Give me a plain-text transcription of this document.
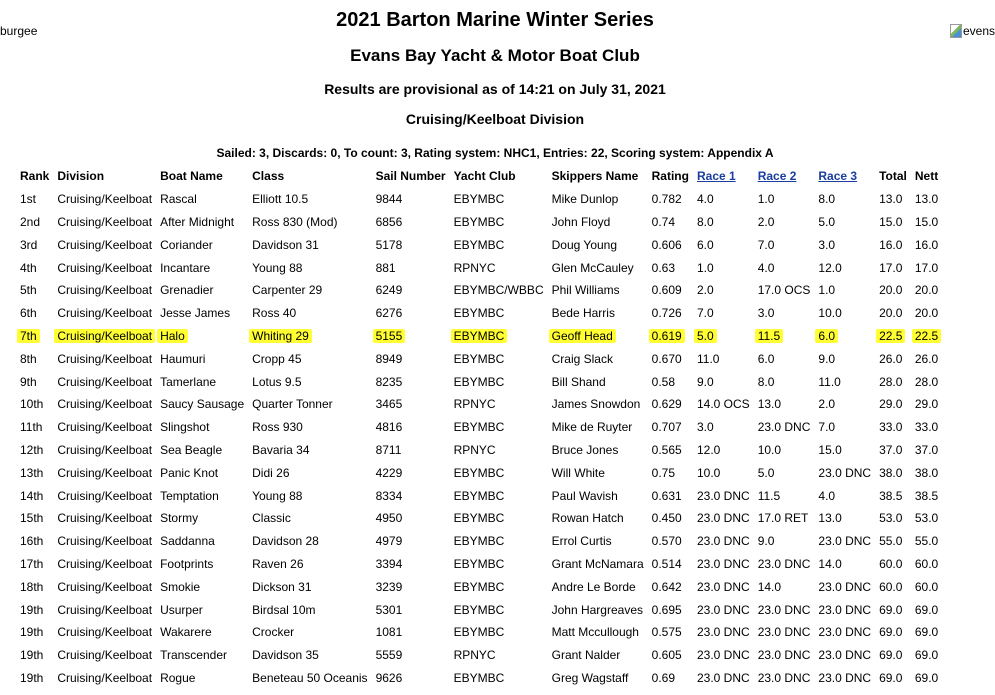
burgee	evens
2021 Barton Marine Winter Series
Evans Bay Yacht & Motor Boat Club
Results are provisional as of 14:21 on July 31, 2021
Cruising/Keelboat Division
Sailed: 3, Discards: 0, To count: 3, Rating system: NHC1, Entries: 22, Scoring system: Appendix A
Rank	Division	Boat Name	Class	Sail Number	Yacht Club	Skippers Name	Rating	Race 1	Race 2	Race 3	Total	Nett
1st	Cruising/Keelboat	Rascal	Elliott 10.5	9844	EBYMBC	Mike Dunlop	0.782	4.0	1.0	8.0	13.0	13.0
2nd	Cruising/Keelboat	After Midnight	Ross 830 (Mod)	6856	EBYMBC	John Floyd	0.74	8.0	2.0	5.0	15.0	15.0
3rd	Cruising/Keelboat	Coriander	Davidson 31	5178	EBYMBC	Doug Young	0.606	6.0	7.0	3.0	16.0	16.0
4th	Cruising/Keelboat	Incantare	Young 88	881	RPNYC	Glen McCauley	0.63	1.0	4.0	12.0	17.0	17.0
5th	Cruising/Keelboat	Grenadier	Carpenter 29	6249	EBYMBC/WBBC	Phil Williams	0.609	2.0	17.0 OCS	1.0	20.0	20.0
6th	Cruising/Keelboat	Jesse James	Ross 40	6276	EBYMBC	Bede Harris	0.726	7.0	3.0	10.0	20.0	20.0
7th	Cruising/Keelboat	Halo	Whiting 29	5155	EBYMBC	Geoff Head	0.619	5.0	11.5	6.0	22.5	22.5
8th	Cruising/Keelboat	Haumuri	Cropp 45	8949	EBYMBC	Craig Slack	0.670	11.0	6.0	9.0	26.0	26.0
9th	Cruising/Keelboat	Tamerlane	Lotus 9.5	8235	EBYMBC	Bill Shand	0.58	9.0	8.0	11.0	28.0	28.0
10th	Cruising/Keelboat	Saucy Sausage	Quarter Tonner	3465	RPNYC	James Snowdon	0.629	14.0 OCS	13.0	2.0	29.0	29.0
11th	Cruising/Keelboat	Slingshot	Ross 930	4816	EBYMBC	Mike de Ruyter	0.707	3.0	23.0 DNC	7.0	33.0	33.0
12th	Cruising/Keelboat	Sea Beagle	Bavaria 34	8711	RPNYC	Bruce Jones	0.565	12.0	10.0	15.0	37.0	37.0
13th	Cruising/Keelboat	Panic Knot	Didi 26	4229	EBYMBC	Will White	0.75	10.0	5.0	23.0 DNC	38.0	38.0
14th	Cruising/Keelboat	Temptation	Young 88	8334	EBYMBC	Paul Wavish	0.631	23.0 DNC	11.5	4.0	38.5	38.5
15th	Cruising/Keelboat	Stormy	Classic	4950	EBYMBC	Rowan Hatch	0.450	23.0 DNC	17.0 RET	13.0	53.0	53.0
16th	Cruising/Keelboat	Saddanna	Davidson 28	4979	EBYMBC	Errol Curtis	0.570	23.0 DNC	9.0	23.0 DNC	55.0	55.0
17th	Cruising/Keelboat	Footprints	Raven 26	3394	EBYMBC	Grant McNamara	0.514	23.0 DNC	23.0 DNC	14.0	60.0	60.0
18th	Cruising/Keelboat	Smokie	Dickson 31	3239	EBYMBC	Andre Le Borde	0.642	23.0 DNC	14.0	23.0 DNC	60.0	60.0
19th	Cruising/Keelboat	Usurper	Birdsal 10m	5301	EBYMBC	John Hargreaves	0.695	23.0 DNC	23.0 DNC	23.0 DNC	69.0	69.0
19th	Cruising/Keelboat	Wakarere	Crocker	1081	EBYMBC	Matt Mccullough	0.575	23.0 DNC	23.0 DNC	23.0 DNC	69.0	69.0
19th	Cruising/Keelboat	Transcender	Davidson 35	5559	RPNYC	Grant Nalder	0.605	23.0 DNC	23.0 DNC	23.0 DNC	69.0	69.0
19th	Cruising/Keelboat	Rogue	Beneteau 50 Oceanis	9626	EBYMBC	Greg Wagstaff	0.69	23.0 DNC	23.0 DNC	23.0 DNC	69.0	69.0
